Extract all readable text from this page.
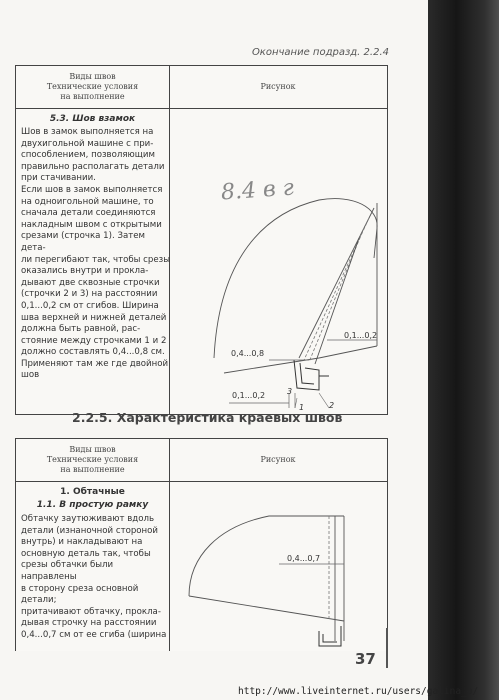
Окончание подразд. 2.2.4
Виды швов
Технические условия
на выполнение
Рисунок
5.3. Шов взамок
Шов в замок выполняется на
двухигольной машине с при-
способлением, позволяющим
правильно располагать детали
при стачивании.
Если шов в замок выполняется
на одноигольной машине, то
сначала детали соединяются
накладным швом с открытыми
срезами (строчка 1). Затем дета-
ли перегибают так, чтобы срезы
оказались внутри и прокла-
дывают две сквозные строчки
(строчки 2 и 3) на расстоянии
0,1...0,2 см от сгибов. Ширина
шва верхней и нижней деталей
должна быть равной, рас-
стояние между строчками 1 и 2
должно составлять 0,4...0,8 см.
Применяют там же где двойной
шов
8.4 в г
0,1...0,2
0,4...0,8
0,1...0,2	3
1	2
2.2.5. Характеристика краевых швов
Виды швов
Технические условия
на выполнение
Рисунок
1. Обтачные
1.1. В простую рамку
Обтачку заутюживают вдоль
детали (изнаночной стороной
внутрь) и накладывают на
основную деталь так, чтобы
срезы обтачки были направлены
в сторону среза основной детали;
притачивают обтачку, прокла-
дывая строчку на расстоянии
0,4...0,7 см от ее сгиба (ширина
0,4...0,7
37
http://www.liveinternet.ru/users/galina_o/
